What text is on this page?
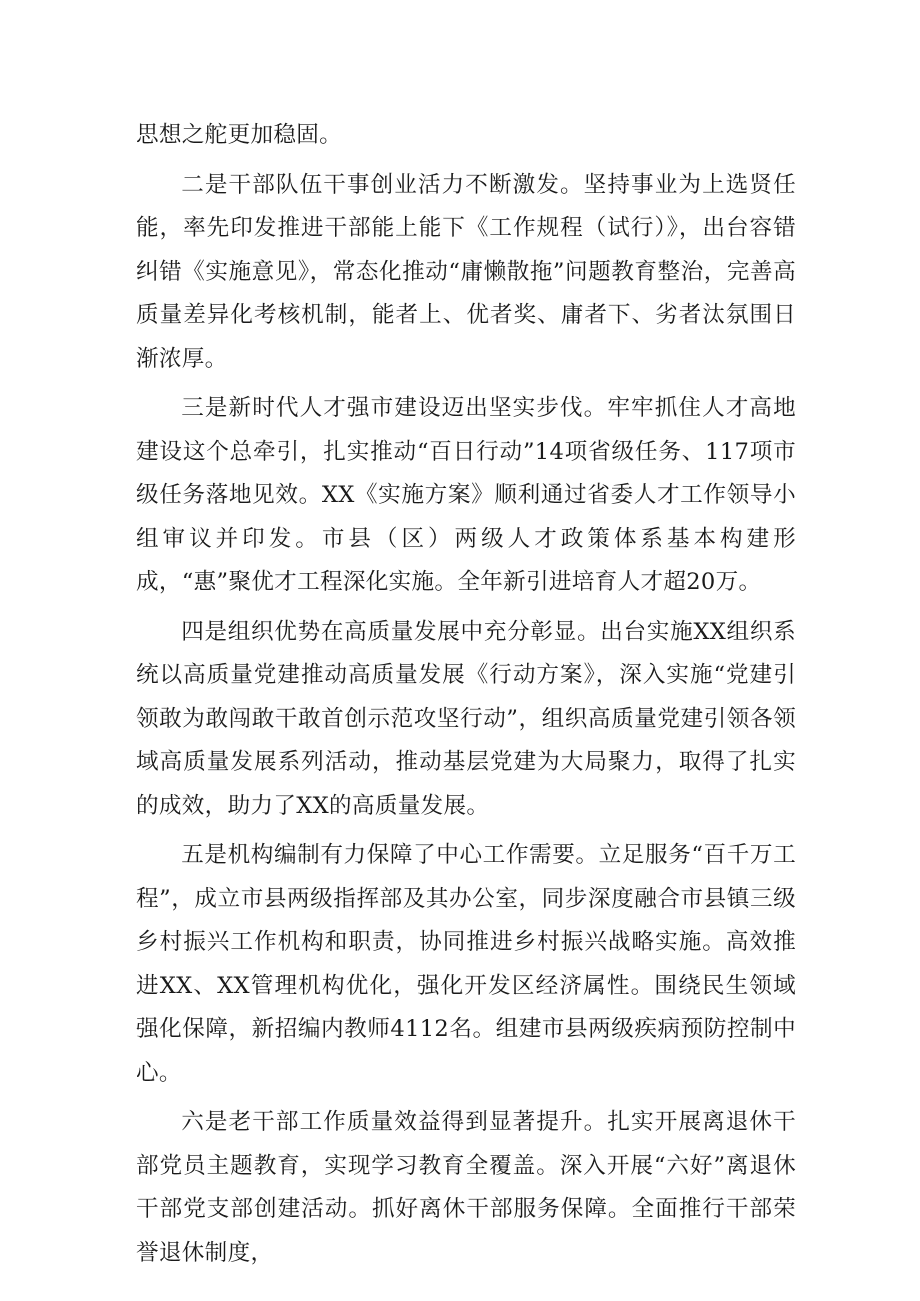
思想之舵更加稳固。

二是干部队伍干事创业活力不断激发。坚持事业为上选贤任能，率先印发推进干部能上能下《工作规程（试行）》，出台容错纠错《实施意见》，常态化推动“庸懒散拖”问题教育整治，完善高质量差异化考核机制，能者上、优者奖、庸者下、劣者汰氛围日渐浓厚。

三是新时代人才强市建设迈出坚实步伐。牢牢抓住人才高地建设这个总牵引，扎实推动“百日行动”14项省级任务、117项市级任务落地见效。XX《实施方案》顺利通过省委人才工作领导小组审议并印发。市县（区）两级人才政策体系基本构建形成，“惠”聚优才工程深化实施。全年新引进培育人才超20万。

四是组织优势在高质量发展中充分彰显。出台实施XX组织系统以高质量党建推动高质量发展《行动方案》，深入实施“党建引领敢为敢闯敢干敢首创示范攻坚行动”，组织高质量党建引领各领域高质量发展系列活动，推动基层党建为大局聚力，取得了扎实的成效，助力了XX的高质量发展。

五是机构编制有力保障了中心工作需要。立足服务“百千万工程”，成立市县两级指挥部及其办公室，同步深度融合市县镇三级乡村振兴工作机构和职责，协同推进乡村振兴战略实施。高效推进XX、XX管理机构优化，强化开发区经济属性。围绕民生领域强化保障，新招编内教师4112名。组建市县两级疾病预防控制中心。

六是老干部工作质量效益得到显著提升。扎实开展离退休干部党员主题教育，实现学习教育全覆盖。深入开展“六好”离退休干部党支部创建活动。抓好离休干部服务保障。全面推行干部荣誉退休制度，
